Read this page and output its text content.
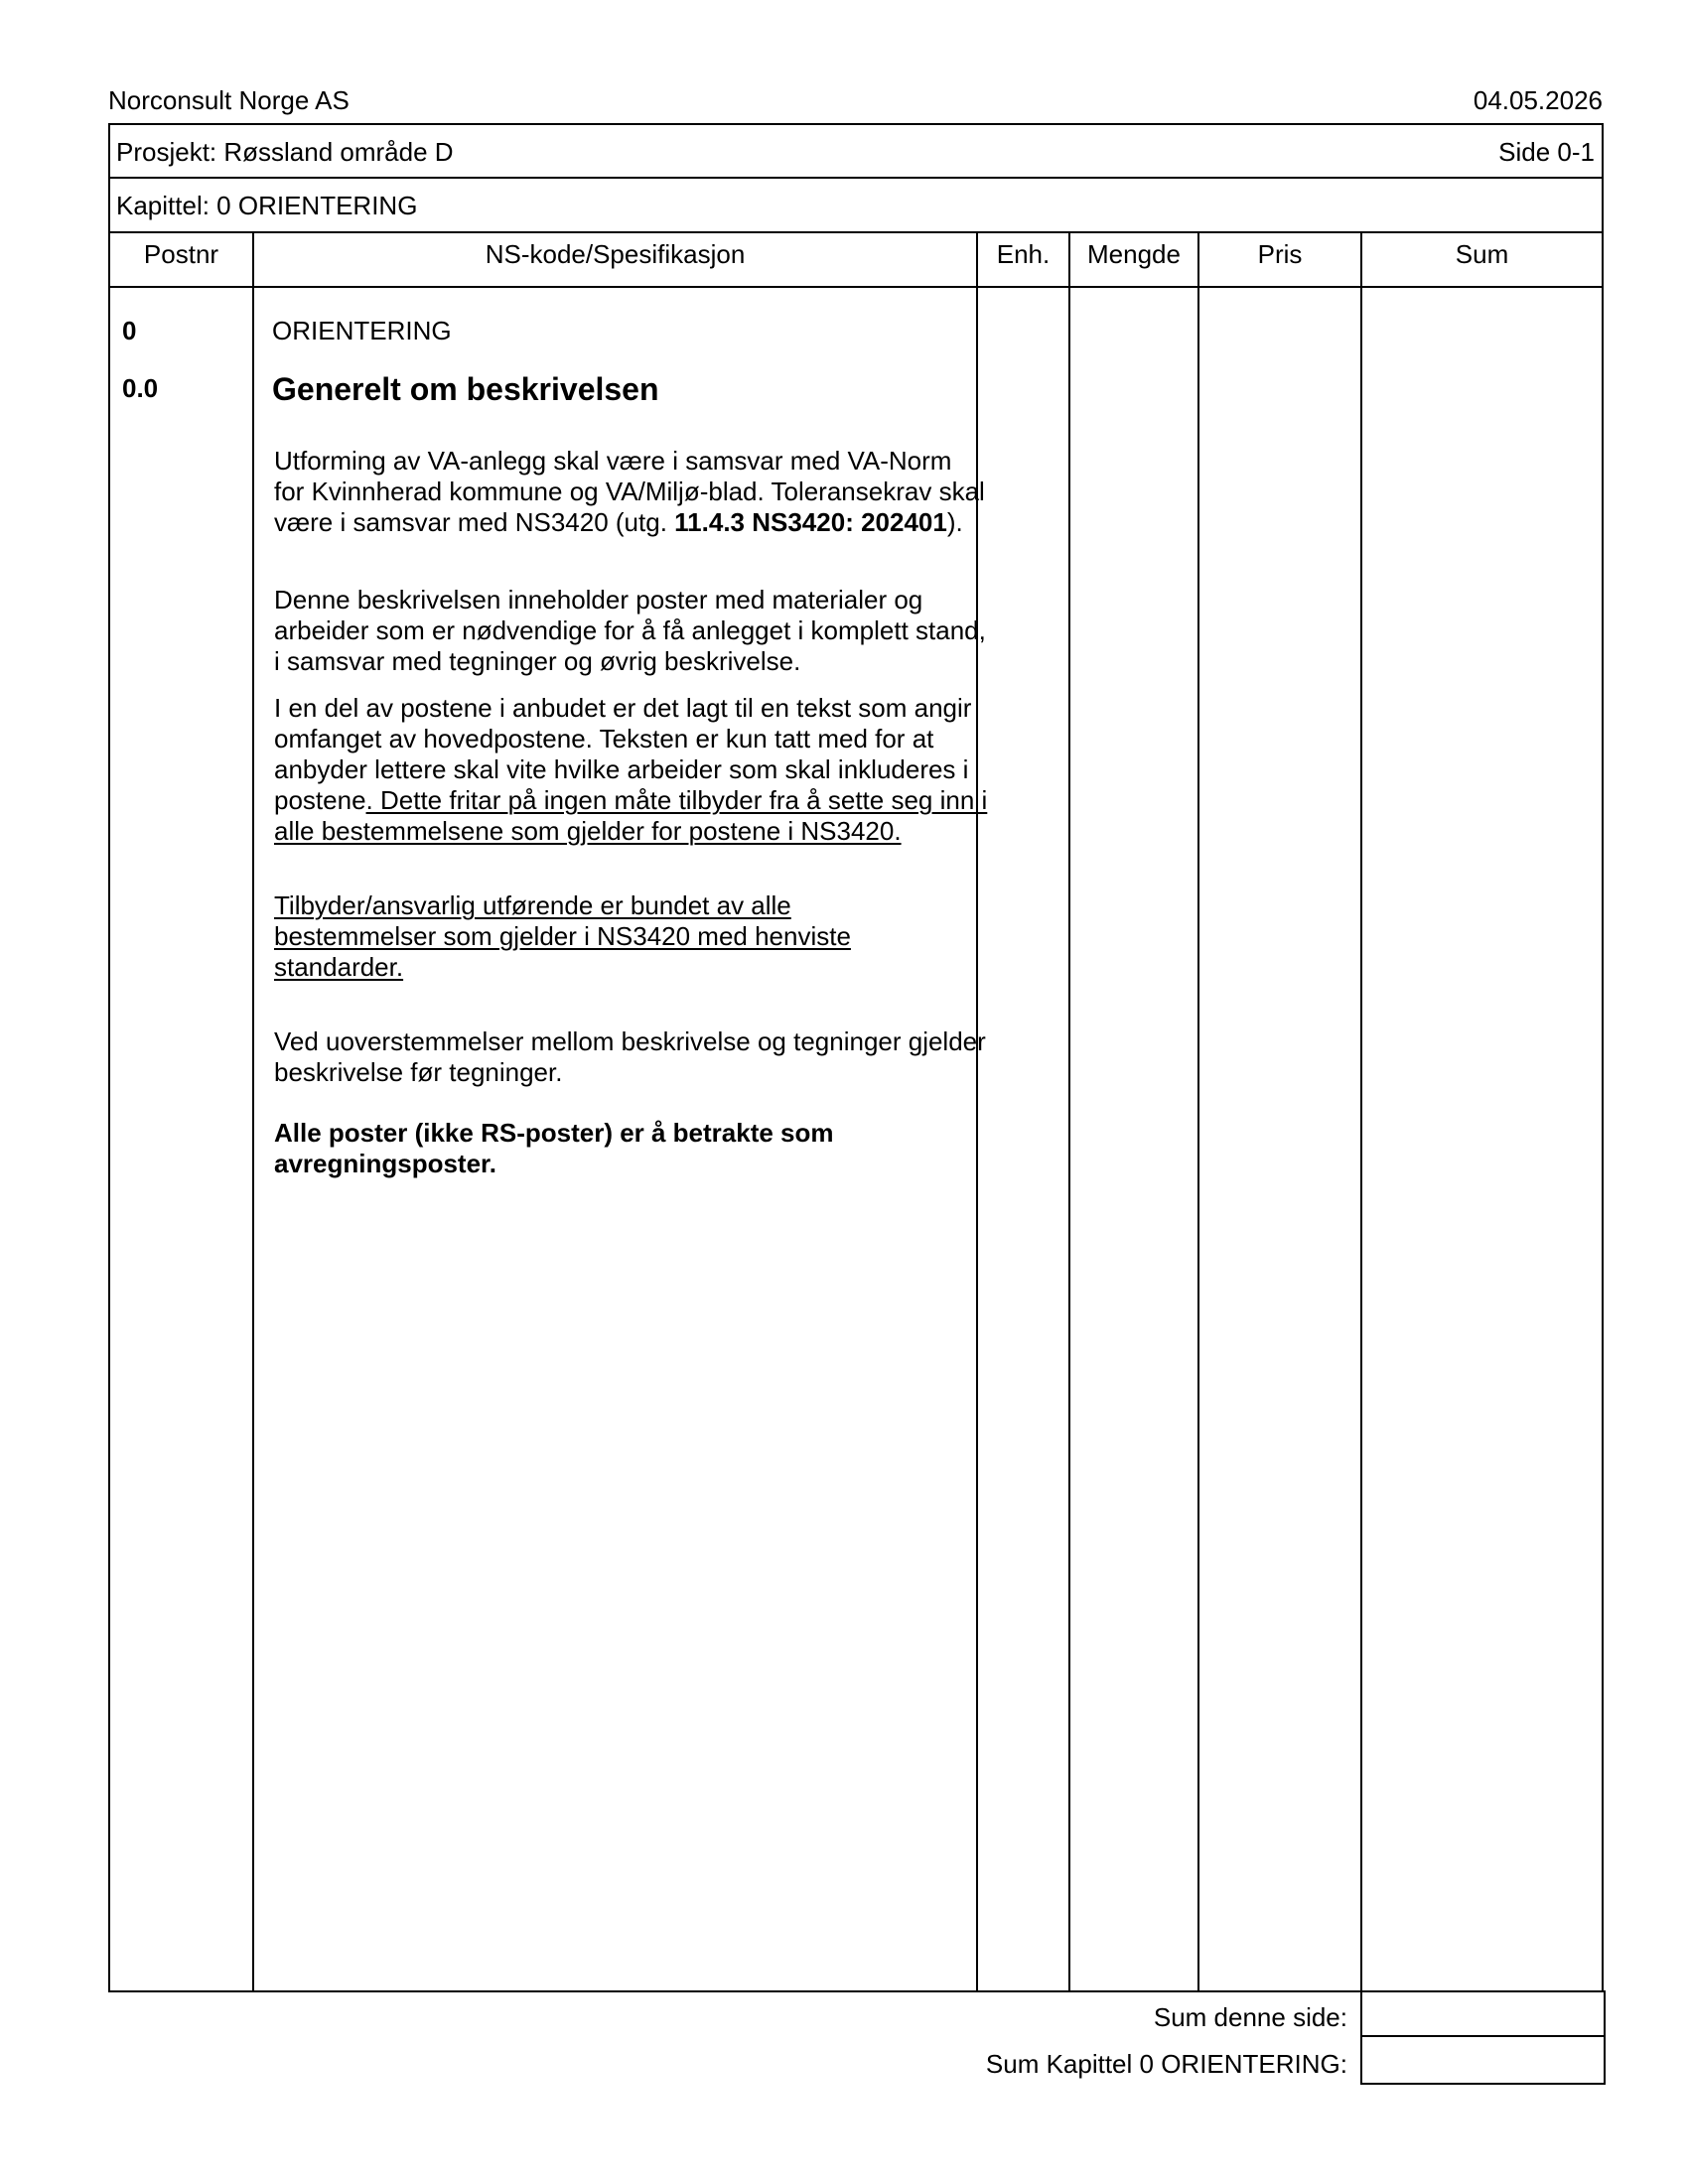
Norconsult Norge AS	04.05.2026
Prosjekt: Røssland område D	Side 0-1
Kapittel: 0 ORIENTERING
Postnr	NS-kode/Spesifikasjon	Enh.	Mengde	Pris	Sum
0	ORIENTERING
0.0	Generelt om beskrivelsen

Utforming av VA-anlegg skal være i samsvar med VA-Norm for Kvinnherad kommune og VA/Miljø-blad. Toleransekrav skal være i samsvar med NS3420 (utg. 11.4.3 NS3420: 202401).

Denne beskrivelsen inneholder poster med materialer og arbeider som er nødvendige for å få anlegget i komplett stand, i samsvar med tegninger og øvrig beskrivelse.

I en del av postene i anbudet er det lagt til en tekst som angir omfanget av hovedpostene. Teksten er kun tatt med for at anbyder lettere skal vite hvilke arbeider som skal inkluderes i postene. Dette fritar på ingen måte tilbyder fra å sette seg inn i alle bestemmelsene som gjelder for postene i NS3420.

Tilbyder/ansvarlig utførende er bundet av alle bestemmelser som gjelder i NS3420 med henviste standarder.

Ved uoverstemmelser mellom beskrivelse og tegninger gjelder beskrivelse før tegninger.

Alle poster (ikke RS-poster) er å betrakte som avregningsposter.

Sum denne side:
Sum Kapittel 0 ORIENTERING:
